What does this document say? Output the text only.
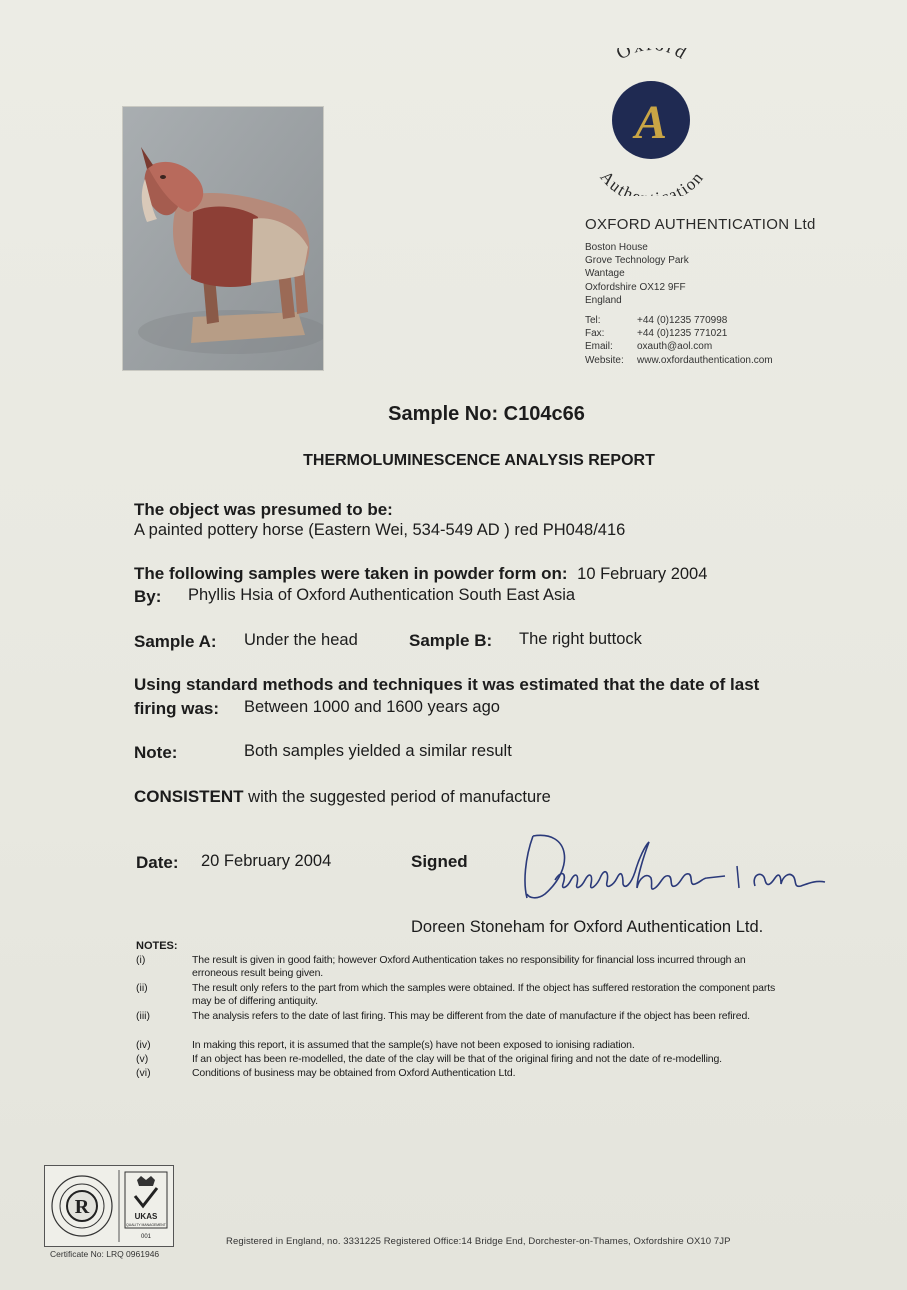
O d
A
Auth ation
OXFORD AUTHENTICATION Ltd
Boston House
Grove Technology Park
Wantage
Oxfordshire OX12 9FF
England
Tel:	+44 (0)1235 770998
Fax:	+44 (0)1235 771021
Email:	oxauth@aol.com
Website:	www.oxfordauthentication.com
Sample No: C104c66
THERMOLUMINESCENCE ANALYSIS REPORT
The object was presumed to be:
A painted pottery horse (Eastern Wei, 534-549 AD ) red PH048/416
The following samples were taken in powder form on: 10 February 2004
By: Phyllis Hsia of Oxford Authentication South East Asia
Sample A: Under the head	Sample B: The right buttock
Using standard methods and techniques it was estimated that the date of last
firing was: Between 1000 and 1600 years ago
Note:	Both samples yielded a similar result
CONSISTENT with the suggested period of manufacture
Date: 20 February 2004	Signed
Doreen Stoneham for Oxford Authentication Ltd.
NOTES:
(i)	The result is given in good faith; however Oxford Authentication takes no responsibility for financial loss incurred through an erroneous result being given.
(ii)	The result only refers to the part from which the samples were obtained. If the object has suffered restoration the component parts may be of differing antiquity.
(iii)	The analysis refers to the date of last firing. This may be different from the date of manufacture if the object has been refired.
(iv)	In making this report, it is assumed that the sample(s) have not been exposed to ionising radiation.
(v)	If an object has been re-modelled, the date of the clay will be that of the original firing and not the date of re-modelling.
(vi)	Conditions of business may be obtained from Oxford Authentication Ltd.
R	UKAS
QUALITY MANAGEMENT
001
Certificate No: LRQ 0961946
Registered in England, no. 3331225 Registered Office:14 Bridge End, Dorchester-on-Thames, Oxfordshire OX10 7JP
